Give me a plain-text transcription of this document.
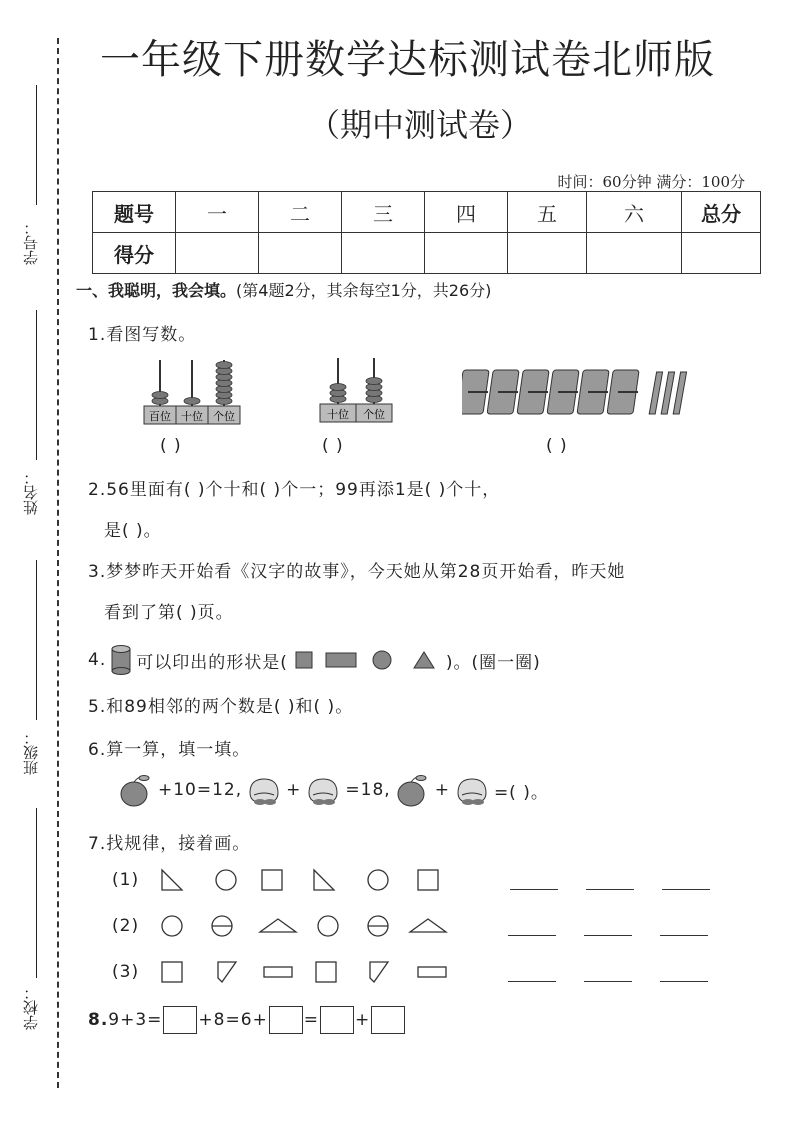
学号：
姓名：
班级：
学校：
一年级下册数学达标测试卷北师版
（期中测试卷）
时间：60分钟 满分：100分
题号	一	二	三	四	五	六	总分
得分							
一、我聪明，我会填。(第4题2分，其余每空1分，共26分)
1.看图写数。
百位 十位 个位
( )
十位 个位
( )	( )
2.56里面有( )个十和( )个一；99再添1是( )个十，
是( )。
3.梦梦昨天开始看《汉字的故事》，今天她从第28页开始看，昨天她
看到了第( )页。
4. 可以印出的形状是(	)。(圈一圈)
5.和89相邻的两个数是( )和( )。
6.算一算，填一填。
+10=12,	+	=18,	+	=( )。
7.找规律，接着画。
(1)
(2)
(3)
8. 9+3= +8=6+ = +
